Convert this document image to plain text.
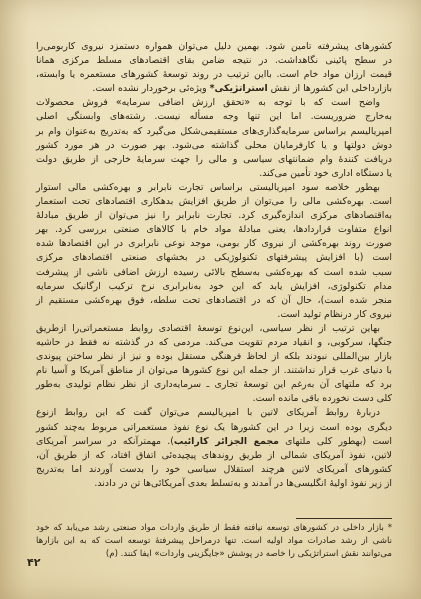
کشورهای پیشرفته تامین شود. بهمین دلیل می‌توان همواره دستمزد نیروی کاربومی‌را
در سطح پائینی نگاهداشت. در نتیجه ضامن بقای اقتصادهای مسلط مرکزی همانا
قیمت ارزان مواد خام است. بااین ترتیب در روند توسعهٔ کشورهای مستعمره یا وابسته،
بازارداخلی این کشورها از نقش استراتژیکی* ویژه‌ئی برخوردار نشده است.
واضح است که با توجه به «تحقق ارزش اضافی سرمایه» فروش محصولات
به‌خارج ضروریست. اما این تنها وجه مسأله نیست. رشته‌های وابستگی اصلی
امپریالیسم براساس سرمایه‌گذاری‌های مستقیمی‌شکل می‌گیرد که به‌تدریج به‌عنوان وام بر
دوش دولتها و یا کارفرمایان محلی گذاشته می‌شود. بهر صورت در هر مورد کشور
دریافت کنندهٔ وام ضمانتهای سیاسی و مالی را جهت سرمایهٔ خارجی از طریق دولت
یا دستگاه اداری خود تأمین می‌کند.
بهطور خلاصه سود امپریالیستی براساس تجارت نابرابر و بهره‌کشی مالی استوار
است. بهره‌کشی مالی را می‌توان از طریق افزایش بدهکاری اقتصادهای تحت استعمار
به‌اقتصادهای مرکزی اندازه‌گیری کرد. تجارت نابرابر را نیز می‌توان از طریق مبادلهٔ
انواع متفاوت قراردادها، یعنی مبادلهٔ مواد خام با کالاهای صنعتی بررسی کرد. بهر
صورت روند بهره‌کشی از نیروی کار بومی، موجد نوعی نابرابری در این اقتصادها شده
است (با افزایش پیشرفتهای تکنولوژیکی در بخشهای صنعتی اقتصادهای مرکزی
سبب شده است که بهره‌کشی به‌سطح بالائی رسیده ارزش اضافی ناشی از پیشرفت
مدام تکنولوژی، افزایش یابد که این خود به‌نابرابری نرخ ترکیب ارگانیک سرمایه
منجر شده است)، حال آن که در اقتصادهای تحت سلطه، فوق بهره‌کشی مستقیم از
نیروی کار درنظام تولید است.
بهاین ترتیب از نظر سیاسی، این‌نوع توسعهٔ اقتصادی روابط مستعمراتی‌را ازطریق
جنگها، سرکوبی، و انقیاد مردم تقویت می‌کند. مردمی که در گذشته نه فقط در حاشیه
بازار بین‌المللی نبودند بلکه از لحاظ فرهنگی مستقل بوده و نیز از نظر ساختن پیوندی
با دنیای غرب قرار نداشتند. از جمله این نوع کشورها می‌توان از مناطق آمریکا و آسیا نام
برد که ملتهای آن به‌رغم این توسعهٔ تجاری ـ سرمایه‌داری از نظر نظام تولیدی به‌طور
کلی دست نخورده باقی مانده است.
دربارهٔ روابط آمریکای لاتین با امپریالیسم می‌توان گفت که این روابط ازنوع
دیگری بوده است زیرا در این کشورها یک نوع نفوذ مستعمراتی مربوط به‌چند کشور
است (بهطور کلی ملتهای مجمع الجزائر کارائیب). مهمترآنکه در سراسر آمریکای
لاتین، نفوذ آمریکای شمالی از طریق روندهای پیچیده‌ئی اتفاق افتاد، که از طریق آن،
کشورهای آمریکای لاتین هرچند استقلال سیاسی خود را بدست آوردند اما به‌تدریج
از زیر نفوذ اولیهٔ انگلیسی‌ها در آمدند و به‌تسلط بعدی آمریکائی‌ها تن در دادند.
* بازار داخلی در کشورهای توسعه نیافته فقط از طریق واردات مواد صنعتی رشد می‌یابد که خود
ناشی از رشد صادرات مواد اولیه است. تنها درمراحل پیشرفتهٔ توسعه است که به این بازارها
می‌توانند نقش استراتژیکی را خاصه در پوشش «جایگزینی واردات» ایفا کنند. (م)
۴۲
